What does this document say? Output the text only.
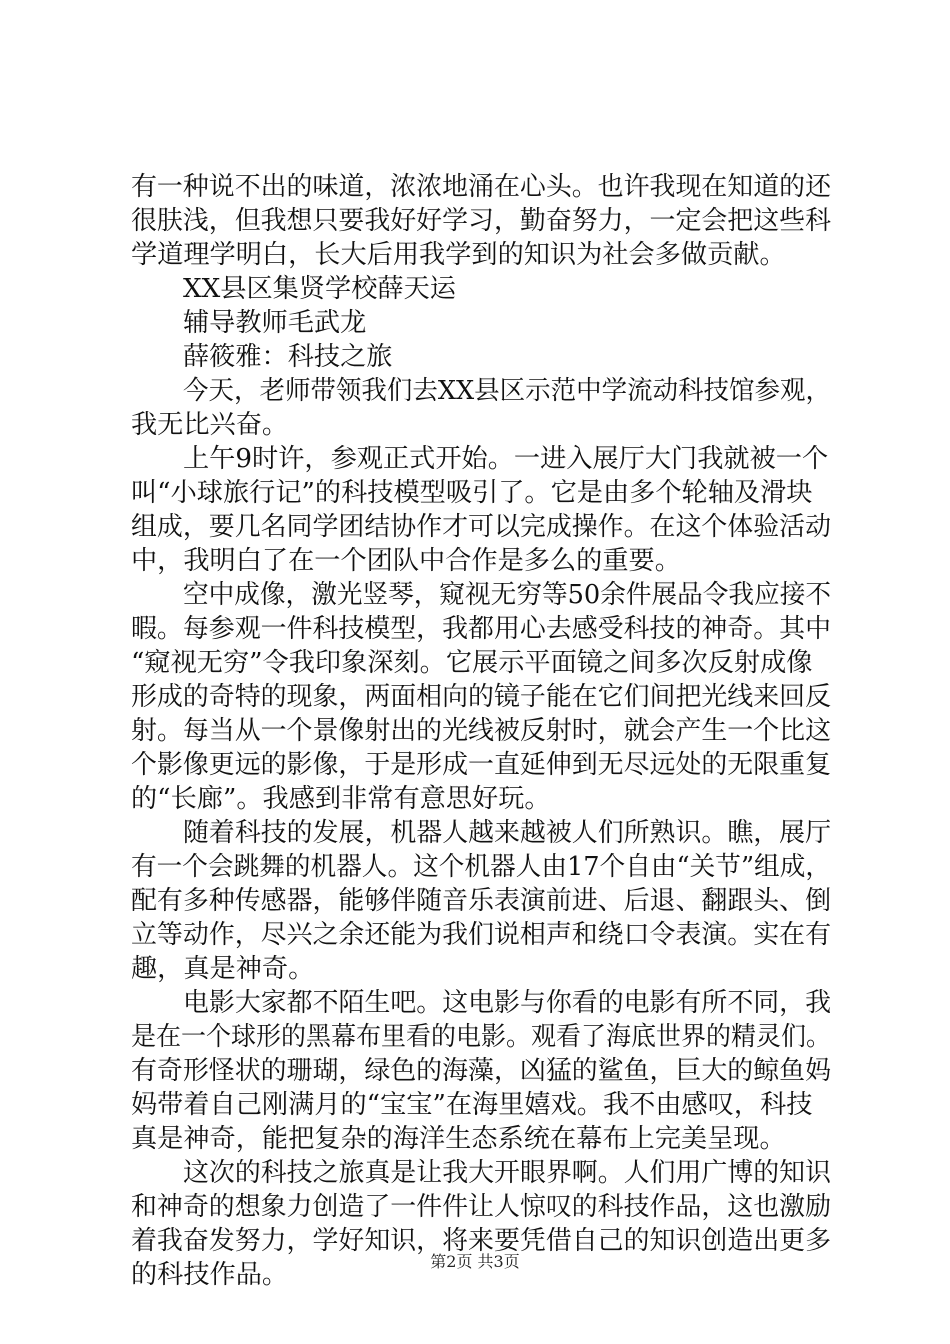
有一种说不出的味道，浓浓地涌在心头。也许我现在知道的还
很肤浅，但我想只要我好好学习，勤奋努力，一定会把这些科
学道理学明白，长大后用我学到的知识为社会多做贡献。
XX县区集贤学校薛天运
辅导教师毛武龙
薛筱雅：科技之旅
今天，老师带领我们去XX县区示范中学流动科技馆参观，
我无比兴奋。
上午9时许，参观正式开始。一进入展厅大门我就被一个
叫“小球旅行记”的科技模型吸引了。它是由多个轮轴及滑块
组成，要几名同学团结协作才可以完成操作。在这个体验活动
中，我明白了在一个团队中合作是多么的重要。
空中成像，激光竖琴，窥视无穷等50余件展品令我应接不
暇。每参观一件科技模型，我都用心去感受科技的神奇。其中
“窥视无穷”令我印象深刻。它展示平面镜之间多次反射成像
形成的奇特的现象，两面相向的镜子能在它们间把光线来回反
射。每当从一个景像射出的光线被反射时，就会产生一个比这
个影像更远的影像，于是形成一直延伸到无尽远处的无限重复
的“长廊”。我感到非常有意思好玩。
随着科技的发展，机器人越来越被人们所熟识。瞧，展厅
有一个会跳舞的机器人。这个机器人由17个自由“关节”组成，
配有多种传感器，能够伴随音乐表演前进、后退、翻跟头、倒
立等动作，尽兴之余还能为我们说相声和绕口令表演。实在有
趣，真是神奇。
电影大家都不陌生吧。这电影与你看的电影有所不同，我
是在一个球形的黑幕布里看的电影。观看了海底世界的精灵们。
有奇形怪状的珊瑚，绿色的海藻，凶猛的鲨鱼，巨大的鲸鱼妈
妈带着自己刚满月的“宝宝”在海里嬉戏。我不由感叹，科技
真是神奇，能把复杂的海洋生态系统在幕布上完美呈现。
这次的科技之旅真是让我大开眼界啊。人们用广博的知识
和神奇的想象力创造了一件件让人惊叹的科技作品，这也激励
着我奋发努力，学好知识，将来要凭借自己的知识创造出更多
的科技作品。	第2页 共3页
